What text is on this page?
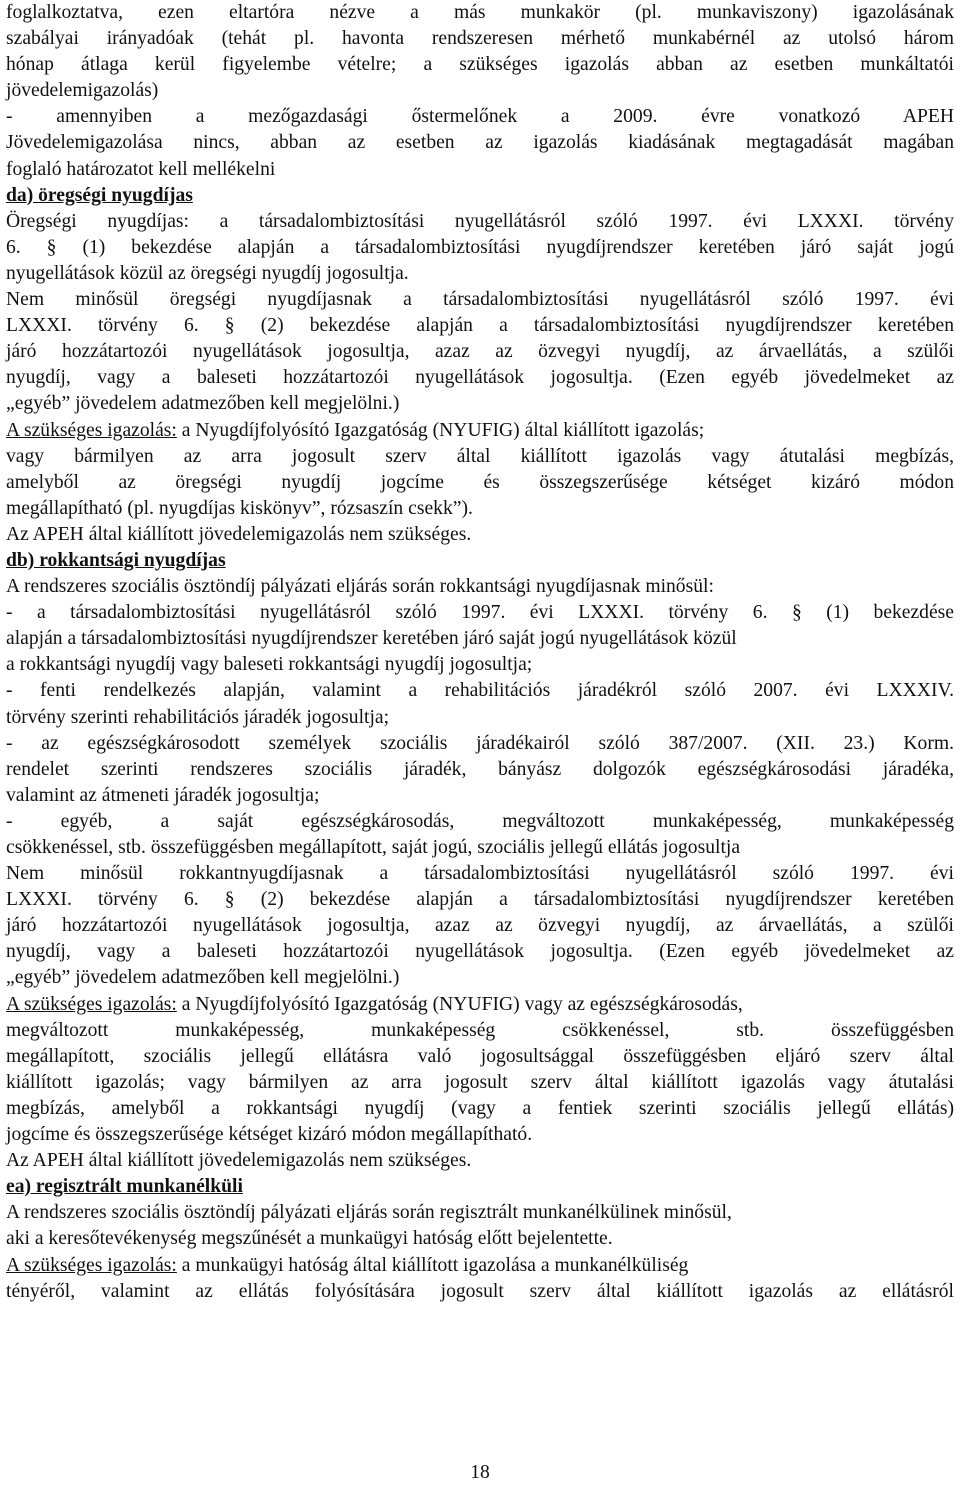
foglalkoztatva, ezen eltartóra nézve a más munkakör (pl. munkaviszony) igazolásának

szabályai irányadóak (tehát pl. havonta rendszeresen mérhető munkabérnél az utolsó három

hónap átlaga kerül figyelembe vételre; a szükséges igazolás abban az esetben munkáltatói

jövedelemigazolás)

- amennyiben a mezőgazdasági őstermelőnek a 2009. évre vonatkozó APEH

Jövedelemigazolása nincs, abban az esetben az igazolás kiadásának megtagadását magában

foglaló határozatot kell mellékelni

da) öregségi nyugdíjas

Öregségi nyugdíjas: a társadalombiztosítási nyugellátásról szóló 1997. évi LXXXI. törvény

6. § (1) bekezdése alapján a társadalombiztosítási nyugdíjrendszer keretében járó saját jogú

nyugellátások közül az öregségi nyugdíj jogosultja.

Nem minősül öregségi nyugdíjasnak a társadalombiztosítási nyugellátásról szóló 1997. évi

LXXXI. törvény 6. § (2) bekezdése alapján a társadalombiztosítási nyugdíjrendszer keretében

járó hozzátartozói nyugellátások jogosultja, azaz az özvegyi nyugdíj, az árvaellátás, a szülői

nyugdíj, vagy a baleseti hozzátartozói nyugellátások jogosultja. (Ezen egyéb jövedelmeket az

„egyéb” jövedelem adatmezőben kell megjelölni.)

A szükséges igazolás: a Nyugdíjfolyósító Igazgatóság (NYUFIG) által kiállított igazolás;

vagy bármilyen az arra jogosult szerv által kiállított igazolás vagy átutalási megbízás,

amelyből az öregségi nyugdíj jogcíme és összegszerűsége kétséget kizáró módon

megállapítható (pl. nyugdíjas kiskönyv”, rózsaszín csekk”).

Az APEH által kiállított jövedelemigazolás nem szükséges.

db) rokkantsági nyugdíjas

A rendszeres szociális ösztöndíj pályázati eljárás során rokkantsági nyugdíjasnak minősül:

- a társadalombiztosítási nyugellátásról szóló 1997. évi LXXXI. törvény 6. § (1) bekezdése

alapján a társadalombiztosítási nyugdíjrendszer keretében járó saját jogú nyugellátások közül

a rokkantsági nyugdíj vagy baleseti rokkantsági nyugdíj jogosultja;

- fenti rendelkezés alapján, valamint a rehabilitációs járadékról szóló 2007. évi LXXXIV.

törvény szerinti rehabilitációs járadék jogosultja;

- az egészségkárosodott személyek szociális járadékairól szóló 387/2007. (XII. 23.) Korm.

rendelet szerinti rendszeres szociális járadék, bányász dolgozók egészségkárosodási járadéka,

valamint az átmeneti járadék jogosultja;

- egyéb, a saját egészségkárosodás, megváltozott munkaképesség, munkaképesség

csökkenéssel, stb. összefüggésben megállapított, saját jogú, szociális jellegű ellátás jogosultja

Nem minősül rokkantnyugdíjasnak a társadalombiztosítási nyugellátásról szóló 1997. évi

LXXXI. törvény 6. § (2) bekezdése alapján a társadalombiztosítási nyugdíjrendszer keretében

járó hozzátartozói nyugellátások jogosultja, azaz az özvegyi nyugdíj, az árvaellátás, a szülői

nyugdíj, vagy a baleseti hozzátartozói nyugellátások jogosultja. (Ezen egyéb jövedelmeket az

„egyéb” jövedelem adatmezőben kell megjelölni.)

A szükséges igazolás: a Nyugdíjfolyósító Igazgatóság (NYUFIG) vagy az egészségkárosodás,

megváltozott munkaképesség, munkaképesség csökkenéssel, stb. összefüggésben

megállapított, szociális jellegű ellátásra való jogosultsággal összefüggésben eljáró szerv által

kiállított igazolás; vagy bármilyen az arra jogosult szerv által kiállított igazolás vagy átutalási

megbízás, amelyből a rokkantsági nyugdíj (vagy a fentiek szerinti szociális jellegű ellátás)

jogcíme és összegszerűsége kétséget kizáró módon megállapítható.

Az APEH által kiállított jövedelemigazolás nem szükséges.

ea) regisztrált munkanélküli

A rendszeres szociális ösztöndíj pályázati eljárás során regisztrált munkanélkülinek minősül,

aki a keresőtevékenység megszűnését a munkaügyi hatóság előtt bejelentette.

A szükséges igazolás: a munkaügyi hatóság által kiállított igazolása a munkanélküliség

tényéről, valamint az ellátás folyósítására jogosult szerv által kiállított igazolás az ellátásról

18
